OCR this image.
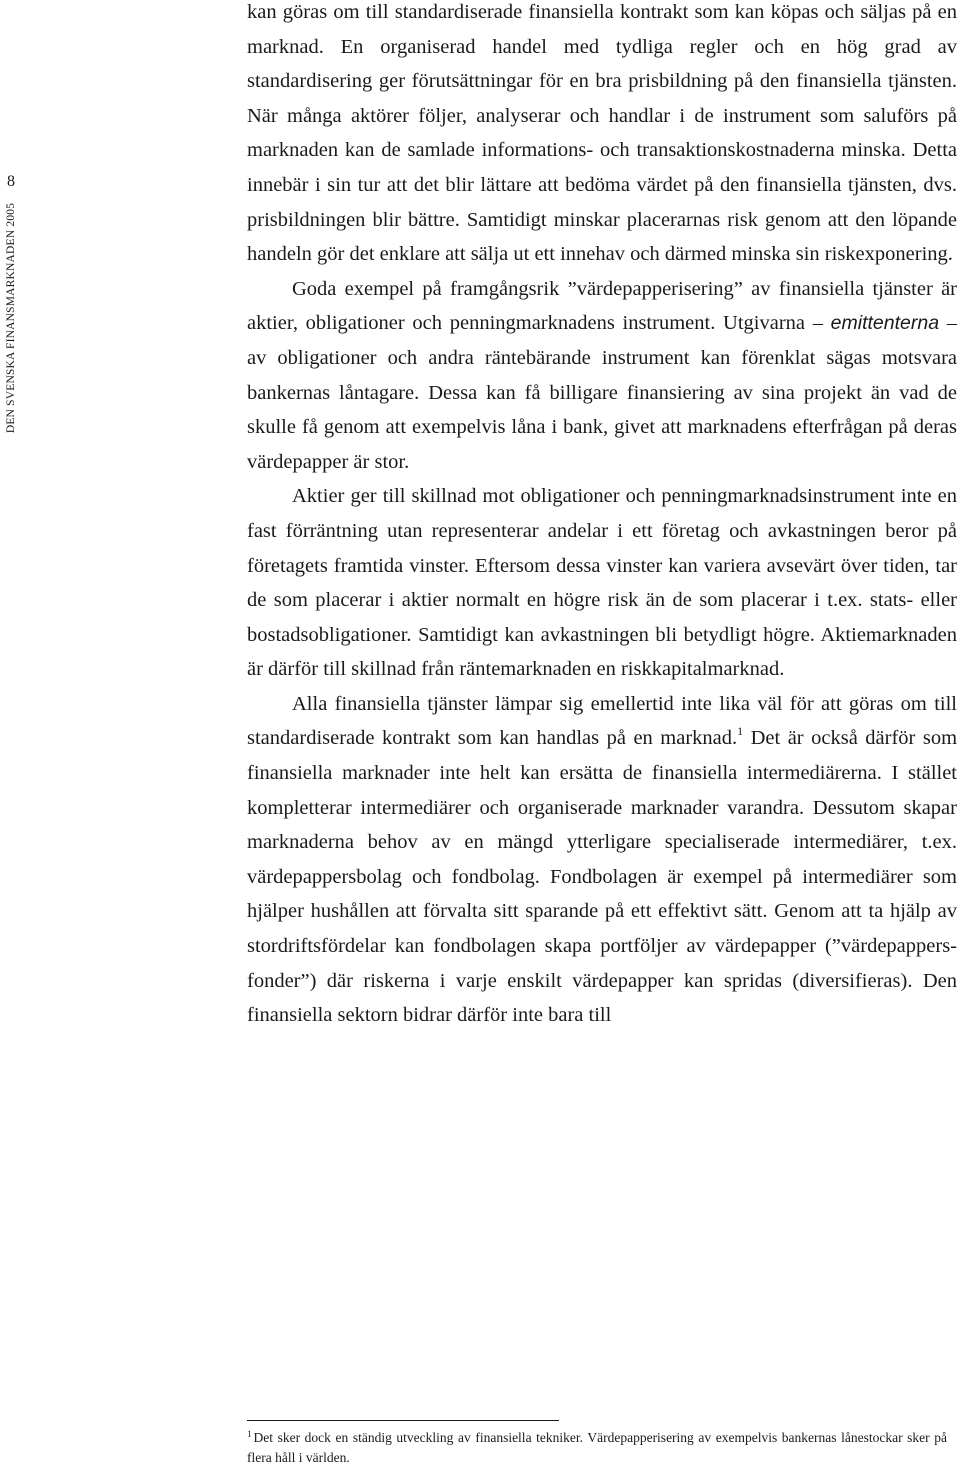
8
DEN SVENSKA FINANSMARKNADEN 2005

kan göras om till standardiserade finansiella kontrakt som kan köpas och säljas på en marknad. En organiserad handel med tydliga regler och en hög grad av standardisering ger förutsättningar för en bra prisbildning på den finansiella tjänsten. När många aktörer följer, analyserar och handlar i de instrument som saluförs på marknaden kan de samlade informations- och transaktionskostnaderna minska. Detta innebär i sin tur att det blir lättare att bedöma värdet på den finansiella tjänsten, dvs. prisbildningen blir bättre. Samtidigt minskar placerarnas risk genom att den löpande handeln gör det enklare att sälja ut ett innehav och därmed minska sin riskexponering.

Goda exempel på framgångsrik ”värdepapperisering” av finansiella tjänster är aktier, obligationer och penningmarknadens instrument. Utgivarna – emittenterna – av obligationer och andra räntebärande instrument kan förenklat sägas motsvara bankernas låntagare. Dessa kan få billigare finansiering av sina projekt än vad de skulle få genom att exempelvis låna i bank, givet att marknadens efterfrågan på deras värdepapper är stor.

Aktier ger till skillnad mot obligationer och penningmarknadsinstrument inte en fast förräntning utan representerar andelar i ett företag och avkastningen beror på företagets framtida vinster. Eftersom dessa vinster kan variera avsevärt över tiden, tar de som placerar i aktier normalt en högre risk än de som placerar i t.ex. stats- eller bostadsobligationer. Samtidigt kan avkastningen bli betydligt högre. Aktiemarknaden är därför till skillnad från räntemarknaden en riskkapitalmarknad.

Alla finansiella tjänster lämpar sig emellertid inte lika väl för att göras om till standardiserade kontrakt som kan handlas på en marknad.$^1$ Det är också därför som finansiella marknader inte helt kan ersätta de finansiella intermediärerna. I stället kompletterar intermediärer och organiserade marknader varandra. Dessutom skapar marknaderna behov av en mängd ytterligare specialiserade intermediärer, t.ex. värdepappersbolag och fondbolag. Fondbolagen är exempel på intermediärer som hjälper hushållen att förvalta sitt sparande på ett effektivt sätt. Genom att ta hjälp av stordriftsfördelar kan fondbolagen skapa portföljer av värdepapper (”värdepappersfonder”) där riskerna i varje enskilt värdepapper kan spridas (diversifieras). Den finansiella sektorn bidrar därför inte bara till

$^1$ Det sker dock en ständig utveckling av finansiella tekniker. Värdepapperisering av exempelvis bankernas lånestockar sker på flera håll i världen.
